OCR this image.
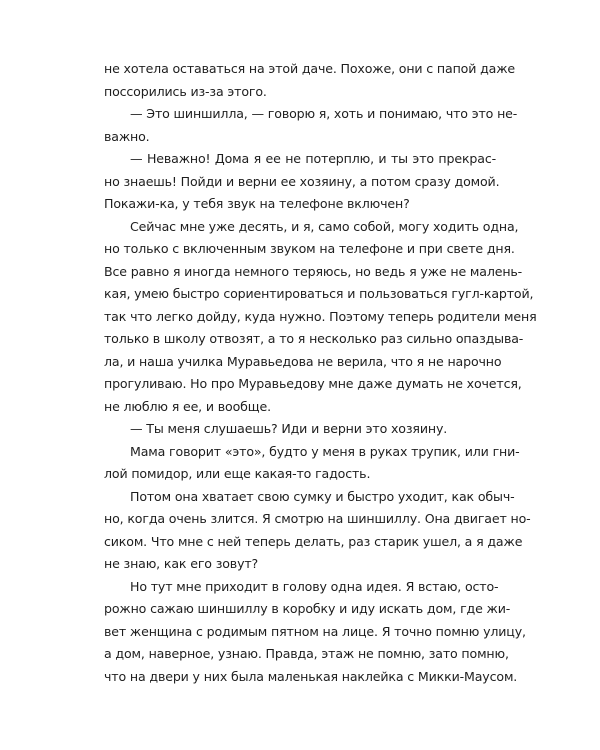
не хотела оставаться на этой даче. Похоже, они с папой даже
поссорились из-за этого.
— Это шиншилла, — говорю я, хоть и понимаю, что это не-
важно.
— Неважно! Дома я ее не потерплю, и ты это прекрас-
но знаешь! Пойди и верни ее хозяину, а потом сразу домой.
Покажи-ка, у тебя звук на телефоне включен?
Сейчас мне уже десять, и я, само собой, могу ходить одна,
но только с включенным звуком на телефоне и при свете дня.
Все равно я иногда немного теряюсь, но ведь я уже не малень-
кая, умею быстро сориентироваться и пользоваться гугл-картой,
так что легко дойду, куда нужно. Поэтому теперь родители меня
только в школу отвозят, а то я несколько раз сильно опаздыва-
ла, и наша училка Муравьедова не верила, что я не нарочно
прогуливаю. Но про Муравьедову мне даже думать не хочется,
не люблю я ее, и вообще.
— Ты меня слушаешь? Иди и верни это хозяину.
Мама говорит «это», будто у меня в руках трупик, или гни-
лой помидор, или еще какая-то гадость.
Потом она хватает свою сумку и быстро уходит, как обыч-
но, когда очень злится. Я смотрю на шиншиллу. Она двигает но-
сиком. Что мне с ней теперь делать, раз старик ушел, а я даже
не знаю, как его зовут?
Но тут мне приходит в голову одна идея. Я встаю, осто-
рожно сажаю шиншиллу в коробку и иду искать дом, где жи-
вет женщина с родимым пятном на лице. Я точно помню улицу,
а дом, наверное, узнаю. Правда, этаж не помню, зато помню,
что на двери у них была маленькая наклейка с Микки-Маусом.
